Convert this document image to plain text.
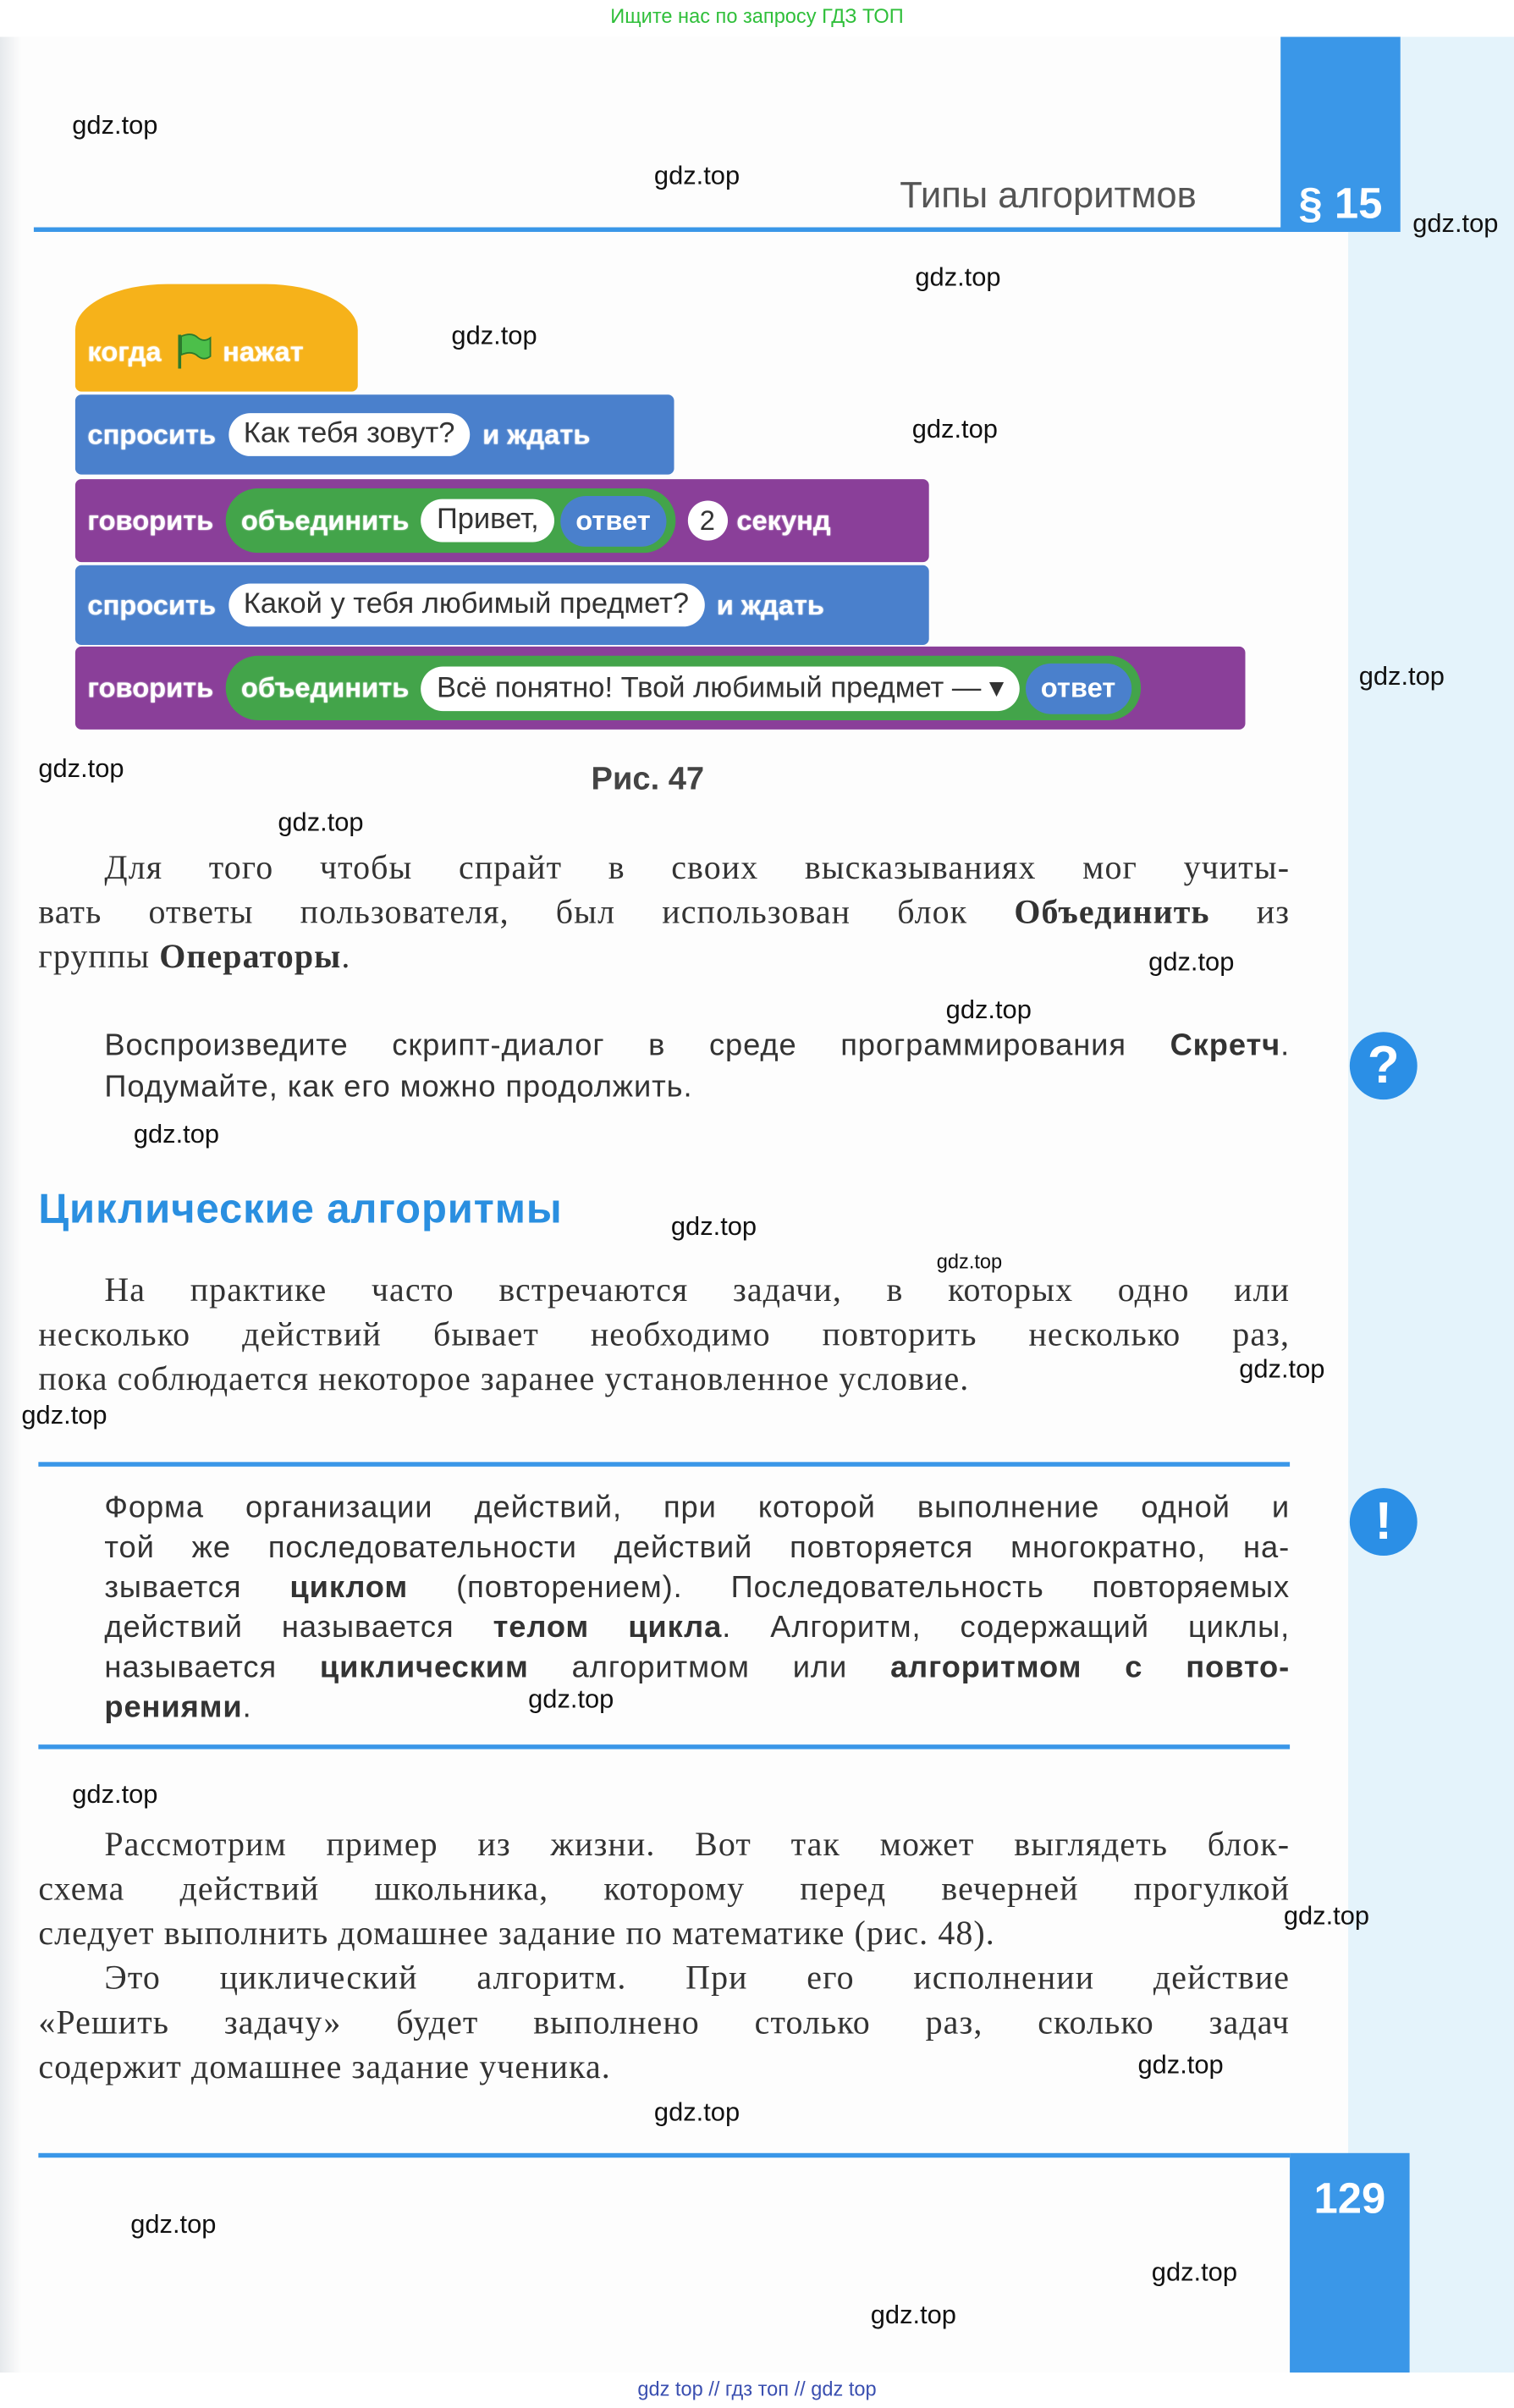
Ищите нас по запросу ГДЗ ТОП
§ 15
Типы алгоритмов
когда	нажат
спросить	Как тебя зовут?	и ждать
говорить объединить	Привет,	ответ	2	секунд
спросить	Какой у тебя любимый предмет?	и ждать
говорить объединить	Всё понятно! Твой любимый предмет — ▾	ответ
Рис. 47
Для того чтобы спрайт в своих высказываниях мог учиты-
вать ответы пользователя, был использован блок Объединить из
группы Операторы.
Воспроизведите скрипт-диалог в среде программирования Скретч.
Подумайте, как его можно продолжить.	?
Циклические алгоритмы
На практике часто встречаются задачи, в которых одно или
несколько действий бывает необходимо повторить несколько раз,
пока соблюдается некоторое заранее установленное условие.
!
Форма организации действий, при которой выполнение одной и
той же последовательности действий повторяется многократно, на-
зывается циклом (повторением). Последовательность повторяемых
действий называется телом цикла. Алгоритм, содержащий циклы,
называется циклическим алгоритмом или алгоритмом с повто-
рениями.
Рассмотрим пример из жизни. Вот так может выглядеть блок-
схема действий школьника, которому перед вечерней прогулкой
следует выполнить домашнее задание по математике (рис. 48).
Это циклический алгоритм. При его исполнении действие
«Решить задачу» будет выполнено столько раз, сколько задач
содержит домашнее задание ученика.
129
gdz.top
gdz.top
gdz.top
gdz.top
gdz.top
gdz.top
gdz.top
gdz.top
gdz.top
gdz.top
gdz.top
gdz.top
gdz.top
gdz.top
gdz.top
gdz.top
gdz.top
gdz.top
gdz.top
gdz.top
gdz.top
gdz.top
gdz.top
gdz.top
gdz top // гдз топ // gdz top
